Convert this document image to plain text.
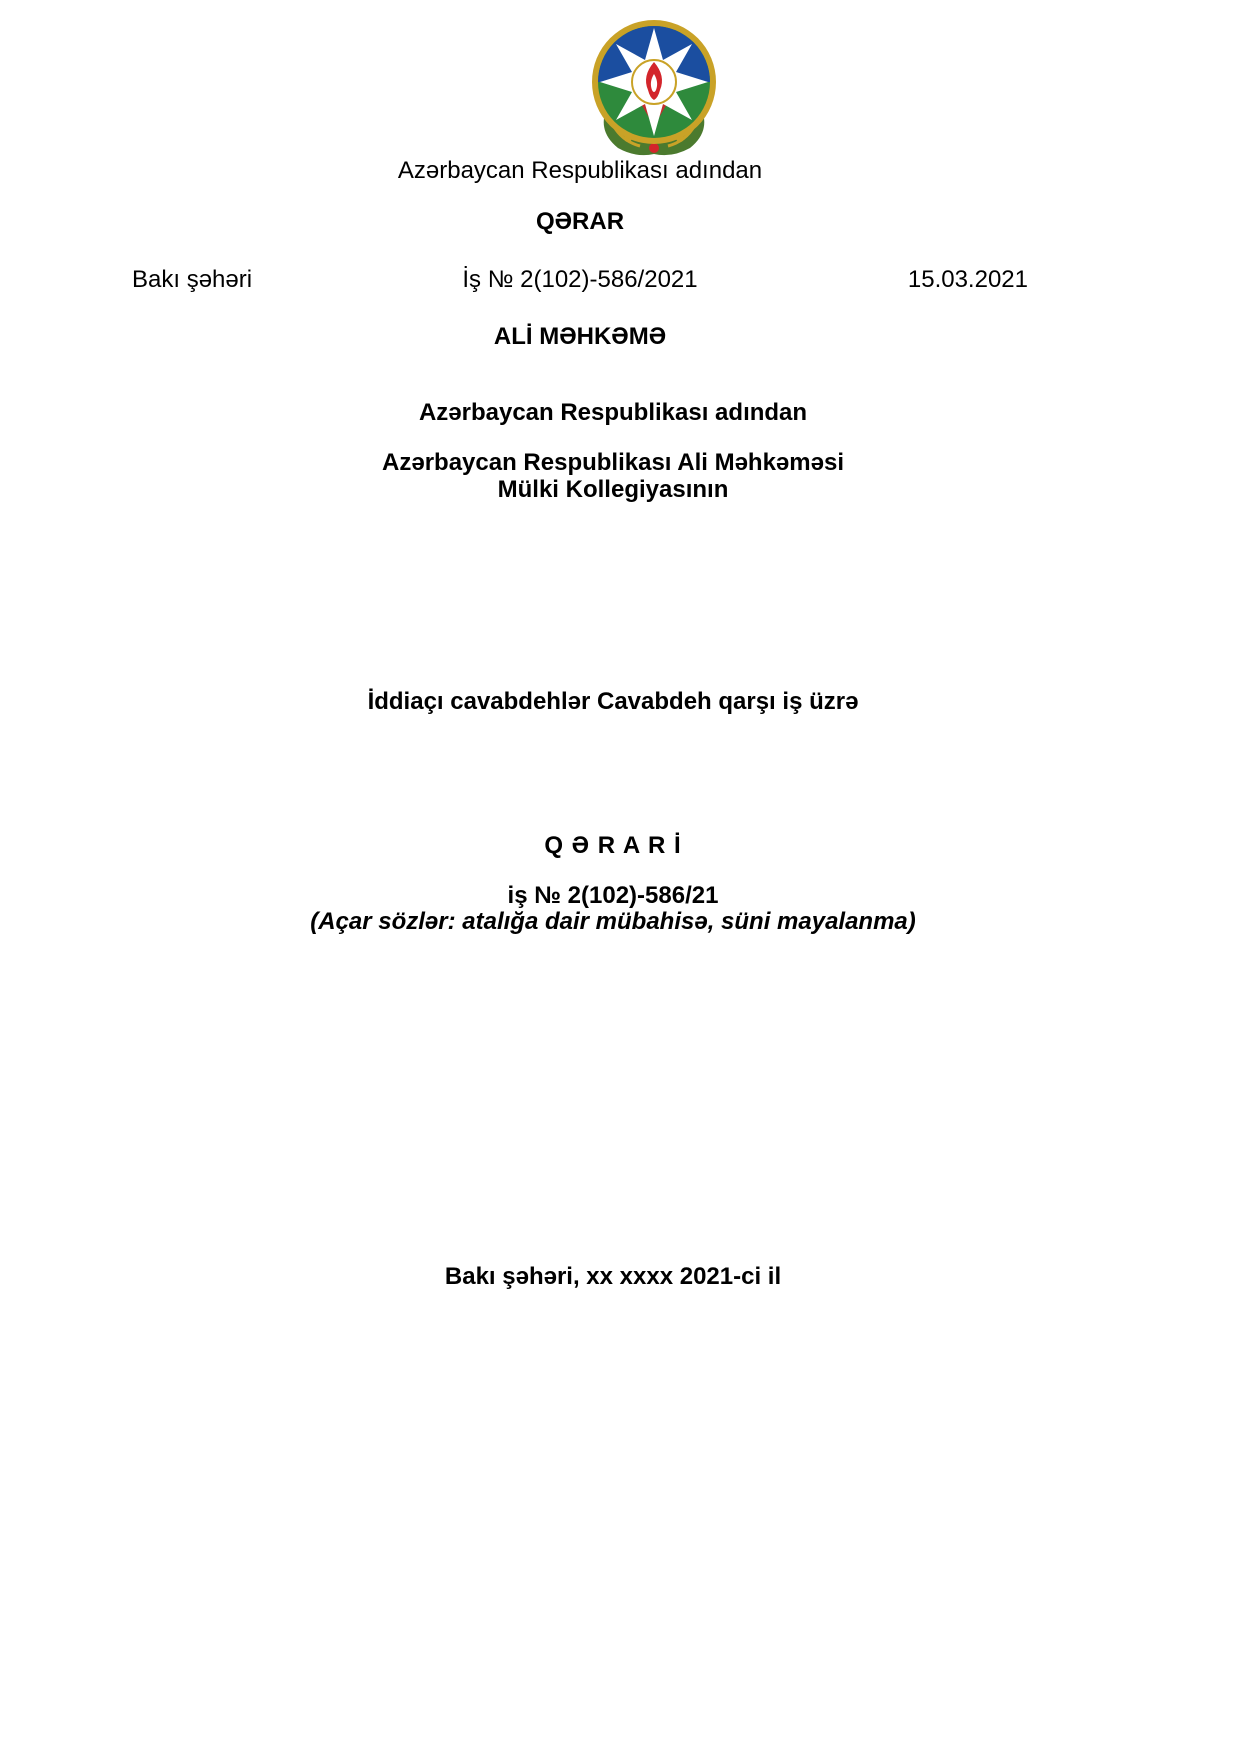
Azərbaycan Respublikası adından
QƏRAR
Bakı şəhəri	İş № 2(102)-586/2021	15.03.2021
ALİ MƏHKƏMƏ
Azərbaycan Respublikası adından
Azərbaycan Respublikası Ali Məhkəməsi
Mülki Kollegiyasının
İddiaçı cavabdehlər Cavabdeh qarşı iş üzrə
Q Ə R A R İ
iş № 2(102)-586/21
(Açar sözlər: atalığa dair mübahisə, süni mayalanma)
Bakı şəhəri, xx xxxx 2021-ci il
